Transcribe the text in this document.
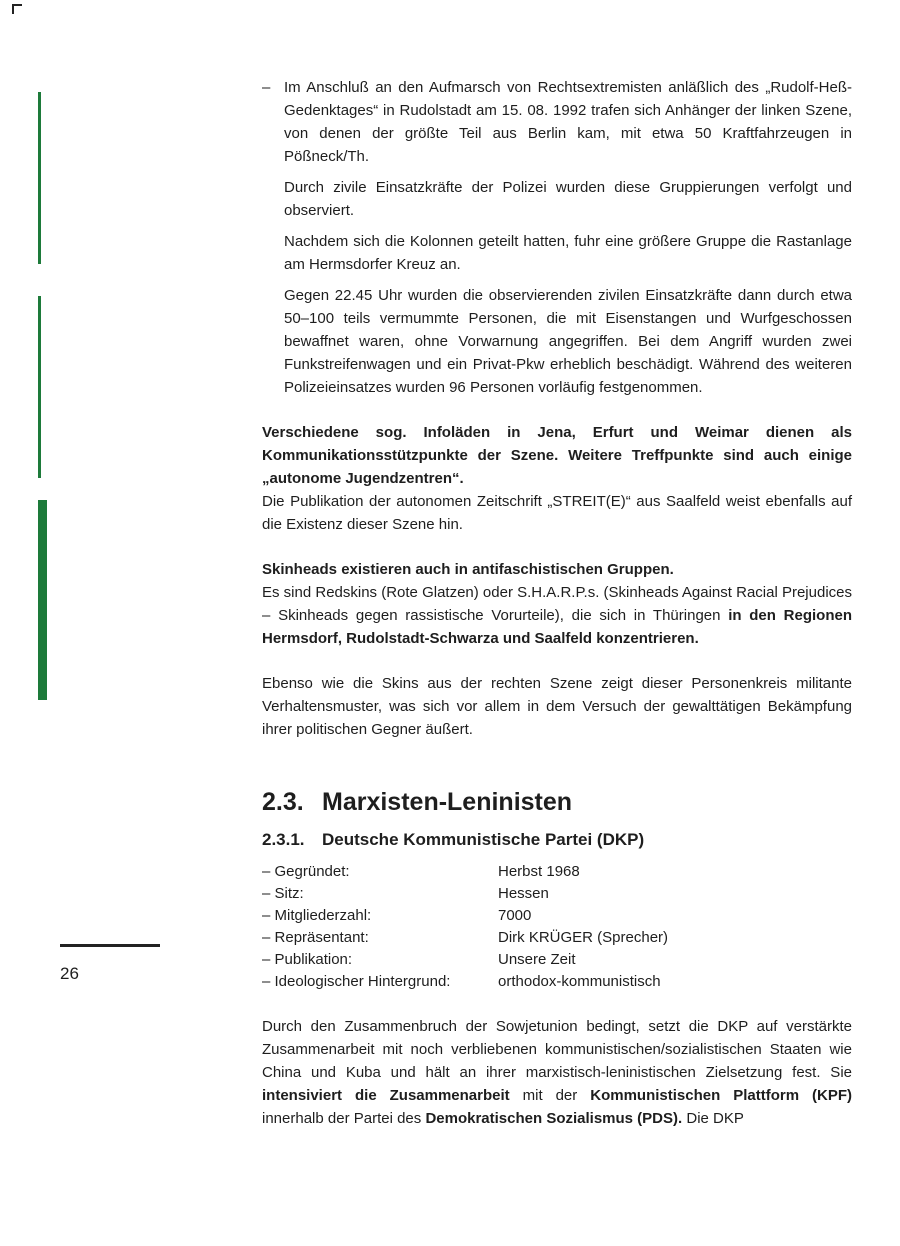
– Im Anschluß an den Aufmarsch von Rechtsextremisten anläßlich des „Rudolf-Heß-Gedenktages“ in Rudolstadt am 15. 08. 1992 trafen sich Anhänger der linken Szene, von denen der größte Teil aus Berlin kam, mit etwa 50 Kraftfahrzeugen in Pößneck/Th.

Durch zivile Einsatzkräfte der Polizei wurden diese Gruppierungen verfolgt und observiert.

Nachdem sich die Kolonnen geteilt hatten, fuhr eine größere Gruppe die Rastanlage am Hermsdorfer Kreuz an.

Gegen 22.45 Uhr wurden die observierenden zivilen Einsatzkräfte dann durch etwa 50–100 teils vermummte Personen, die mit Eisenstangen und Wurfgeschossen bewaffnet waren, ohne Vorwarnung angegriffen. Bei dem Angriff wurden zwei Funkstreifenwagen und ein Privat-Pkw erheblich beschädigt. Während des weiteren Polizeieinsatzes wurden 96 Personen vorläufig festgenommen.

Verschiedene sog. Infoläden in Jena, Erfurt und Weimar dienen als Kommunikationsstützpunkte der Szene. Weitere Treffpunkte sind auch einige „autonome Jugendzentren“.
Die Publikation der autonomen Zeitschrift „STREIT(E)“ aus Saalfeld weist ebenfalls auf die Existenz dieser Szene hin.

Skinheads existieren auch in antifaschistischen Gruppen.
Es sind Redskins (Rote Glatzen) oder S.H.A.R.P.s. (Skinheads Against Racial Prejudices – Skinheads gegen rassistische Vorurteile), die sich in Thüringen in den Regionen Hermsdorf, Rudolstadt-Schwarza und Saalfeld konzentrieren.

Ebenso wie die Skins aus der rechten Szene zeigt dieser Personenkreis militante Verhaltensmuster, was sich vor allem in dem Versuch der gewalttätigen Bekämpfung ihrer politischen Gegner äußert.

2.3. Marxisten-Leninisten
2.3.1. Deutsche Kommunistische Partei (DKP)
– Gegründet:	Herbst 1968
– Sitz:	Hessen
– Mitgliederzahl:	7000
– Repräsentant:	Dirk KRÜGER (Sprecher)
– Publikation:	Unsere Zeit
– Ideologischer Hintergrund:	orthodox-kommunistisch

Durch den Zusammenbruch der Sowjetunion bedingt, setzt die DKP auf verstärkte Zusammenarbeit mit noch verbliebenen kommunistischen/sozialistischen Staaten wie China und Kuba und hält an ihrer marxistisch-leninistischen Zielsetzung fest. Sie intensiviert die Zusammenarbeit mit der Kommunistischen Plattform (KPF) innerhalb der Partei des Demokratischen Sozialismus (PDS). Die DKP

26
